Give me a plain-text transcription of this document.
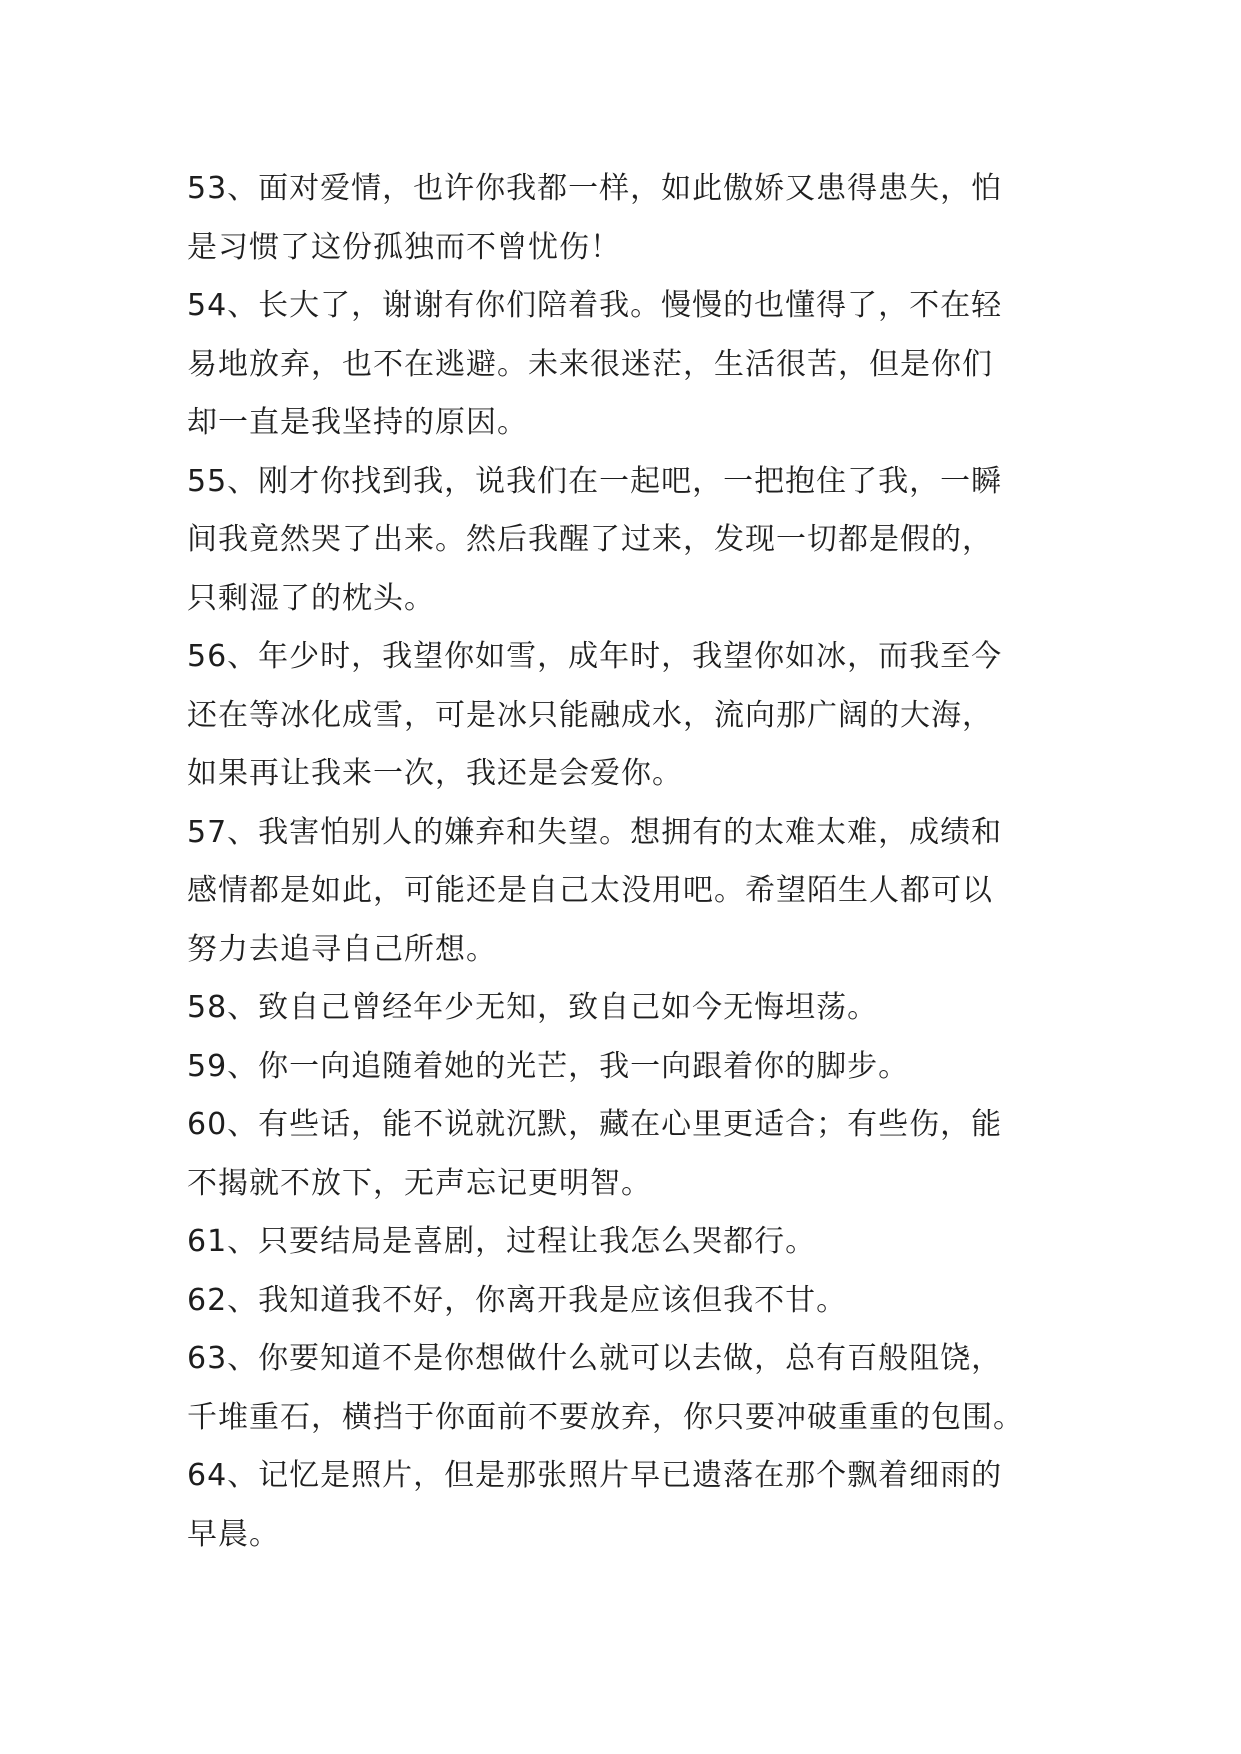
53、面对爱情，也许你我都一样，如此傲娇又患得患失，怕
是习惯了这份孤独而不曾忧伤！

54、长大了，谢谢有你们陪着我。慢慢的也懂得了，不在轻
易地放弃，也不在逃避。未来很迷茫，生活很苦，但是你们
却一直是我坚持的原因。

55、刚才你找到我，说我们在一起吧，一把抱住了我，一瞬
间我竟然哭了出来。然后我醒了过来，发现一切都是假的，
只剩湿了的枕头。

56、年少时，我望你如雪，成年时，我望你如冰，而我至今
还在等冰化成雪，可是冰只能融成水，流向那广阔的大海，
如果再让我来一次，我还是会爱你。

57、我害怕别人的嫌弃和失望。想拥有的太难太难，成绩和
感情都是如此，可能还是自己太没用吧。希望陌生人都可以
努力去追寻自己所想。

58、致自己曾经年少无知，致自己如今无悔坦荡。

59、你一向追随着她的光芒，我一向跟着你的脚步。

60、有些话，能不说就沉默，藏在心里更适合；有些伤，能
不揭就不放下，无声忘记更明智。

61、只要结局是喜剧，过程让我怎么哭都行。

62、我知道我不好，你离开我是应该但我不甘。

63、你要知道不是你想做什么就可以去做，总有百般阻饶，
千堆重石，横挡于你面前不要放弃，你只要冲破重重的包围。

64、记忆是照片，但是那张照片早已遗落在那个飘着细雨的
早晨。
